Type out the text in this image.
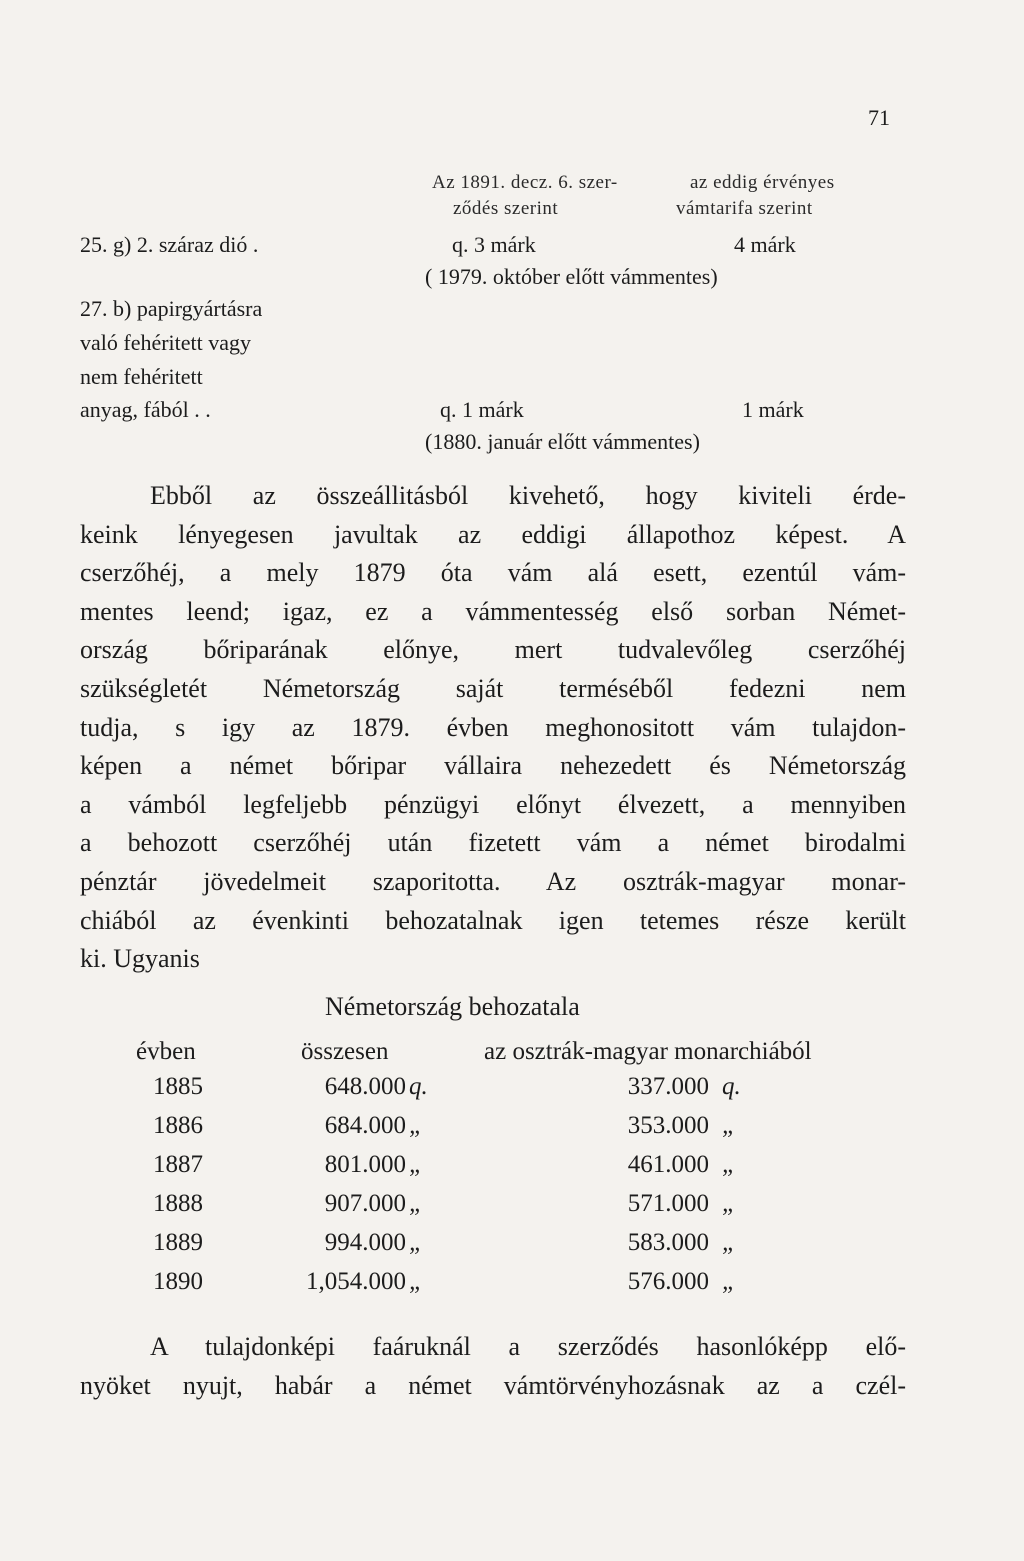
71
Az 1891. decz. 6. szer-
ződés szerint
az eddig érvényes
vámtarifa szerint
25. g) 2. száraz dió .	q. 3 márk	4 márk
( 1979. október előtt vámmentes)
27. b) papirgyártásra
való fehéritett vagy
nem fehéritett
anyag, fából . .	q. 1 márk	1 márk
(1880. január előtt vámmentes)
Ebből az összeállitásból kivehető, hogy kiviteli érde-
keink lényegesen javultak az eddigi állapothoz képest. A
cserzőhéj, a mely 1879 óta vám alá esett, ezentúl vám-
mentes leend; igaz, ez a vámmentesség első sorban Német-
ország bőriparának előnye, mert tudvalevőleg cserzőhéj
szükségletét Németország saját terméséből fedezni nem
tudja, s igy az 1879. évben meghonositott vám tulajdon-
képen a német bőripar vállaira nehezedett és Németország
a vámból legfeljebb pénzügyi előnyt élvezett, a mennyiben
a behozott cserzőhéj után fizetett vám a német birodalmi
pénztár jövedelmeit szaporitotta. Az osztrák-magyar monar-
chiából az évenkinti behozatalnak igen tetemes része került
ki. Ugyanis
Németország behozatala
évben	összesen	az osztrák-magyar monarchiából
1885	648.000 q.	337.000 q.
1886	684.000 „	353.000 „
1887	801.000 „	461.000 „
1888	907.000 „	571.000 „
1889	994.000 „	583.000 „
1890	1,054.000 „	576.000 „
A tulajdonképi faáruknál a szerződés hasonlóképp elő-
nyöket nyujt, habár a német vámtörvényhozásnak az a czél-
